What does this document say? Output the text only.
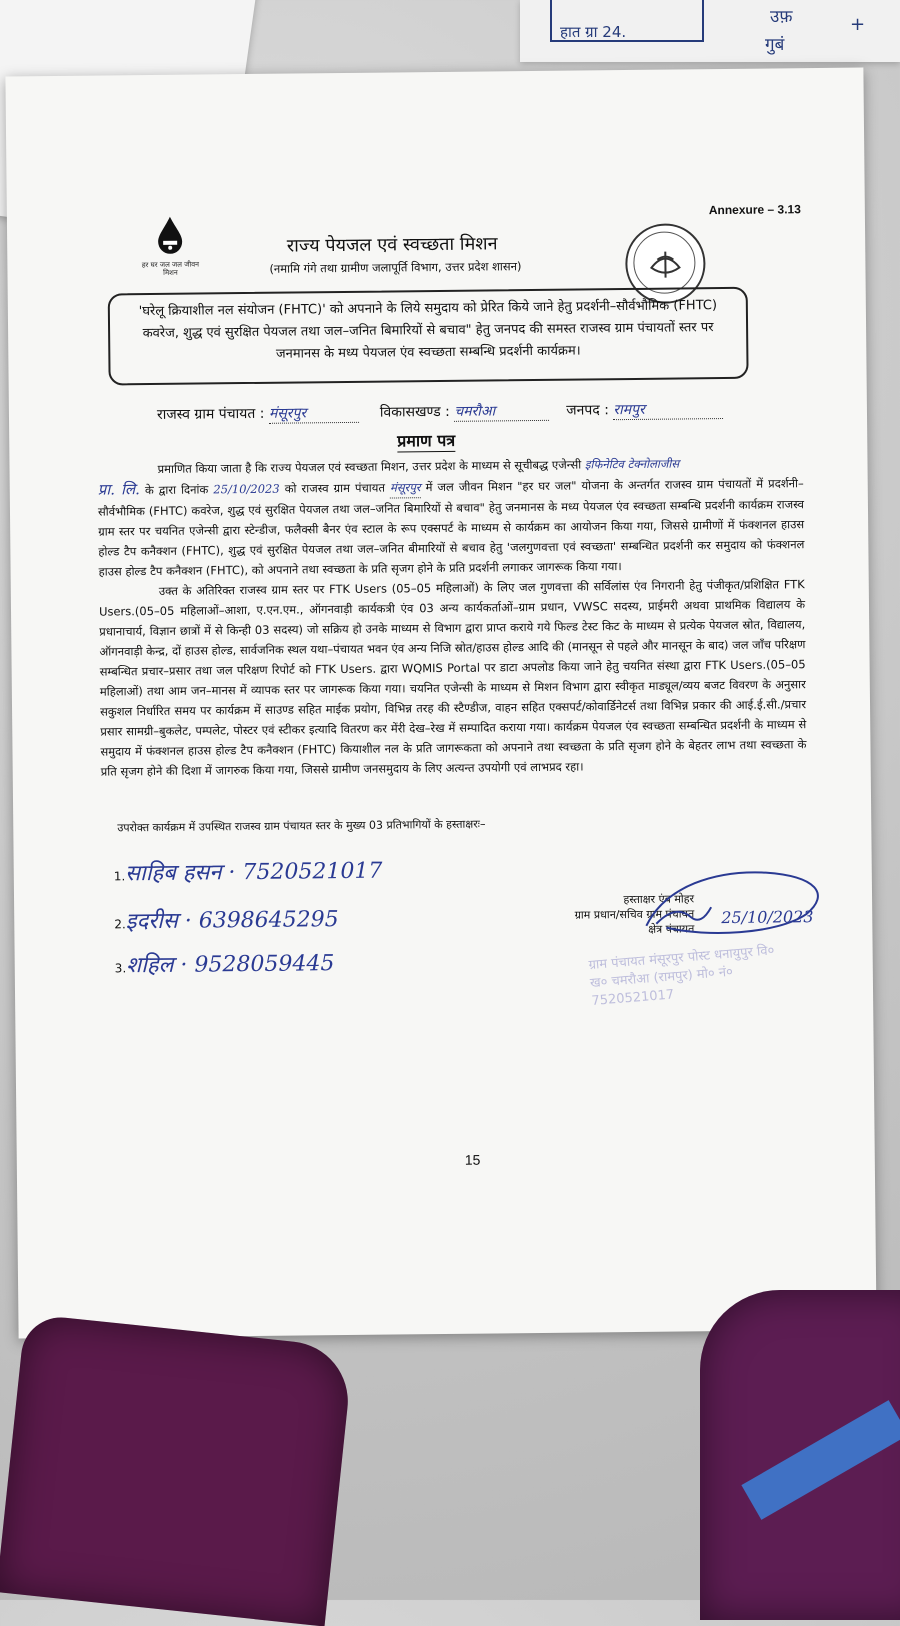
हात ग्रा 24.
उफ़
गुबं
+
Annexure – 3.13
हर घर जल जल जीवन मिशन
राज्य पेयजल एवं स्वच्छता मिशन
(नमामि गंगे तथा ग्रामीण जलापूर्ति विभाग, उत्तर प्रदेश शासन)
'घरेलू क्रियाशील नल संयोजन (FHTC)' को अपनाने के लिये समुदाय को प्रेरित किये जाने हेतु प्रदर्शनी–सौर्वभौमिक (FHTC) कवरेज, शुद्ध एवं सुरक्षित पेयजल तथा जल–जनित बिमारियों से बचाव" हेतु जनपद की समस्त राजस्व ग्राम पंचायतों स्तर पर जनमानस के मध्य पेयजल एंव स्वच्छता सम्बन्धि प्रदर्शनी कार्यक्रम।
राजस्व ग्राम पंचायत : मंसूरपुर	विकासखण्ड : चमरौआ	जनपद : रामपुर
प्रमाण पत्र

प्रमाणित किया जाता है कि राज्य पेयजल एवं स्वच्छता मिशन, उत्तर प्रदेश के माध्यम से सूचीबद्ध एजेन्सी इफिनेटिव टेक्नोलाजीस
प्रा. लि. के द्वारा दिनांक 25/10/2023 को राजस्व ग्राम पंचायत मंसूरपुर में जल जीवन मिशन "हर घर जल" योजना के अन्तर्गत राजस्व ग्राम पंचायतों में प्रदर्शनी–सौर्वभौमिक (FHTC) कवरेज, शुद्ध एवं सुरक्षित पेयजल तथा जल–जनित बिमारियों से बचाव" हेतु जनमानस के मध्य पेयजल एंव स्वच्छता सम्बन्धि प्रदर्शनी कार्यक्रम राजस्व ग्राम स्तर पर चयनित एजेन्सी द्वारा स्टेन्डीज, फलैक्सी बैनर एंव स्टाल के रूप एक्सपर्ट के माध्यम से कार्यक्रम का आयोजन किया गया, जिससे ग्रामीणों में फंक्शनल हाउस होल्ड टैप कनैक्शन (FHTC), शुद्ध एवं सुरक्षित पेयजल तथा जल–जनित बीमारियों से बचाव हेतु 'जलगुणवत्ता एवं स्वच्छता' सम्बन्धित प्रदर्शनी कर समुदाय को फंक्शनल हाउस होल्ड टैप कनैक्शन (FHTC), को अपनाने तथा स्वच्छता के प्रति सृजग होने के प्रति प्रदर्शनी लगाकर जागरूक किया गया।

उक्त के अतिरिक्त राजस्व ग्राम स्तर पर FTK Users (05–05 महिलाओं) के लिए जल गुणवत्ता की सर्विलांस एंव निगरानी हेतु पंजीकृत/प्रशिक्षित FTK Users.(05–05 महिलाओं–आशा, ए.एन.एम., ऑगनवाड़ी कार्यकत्री एंव 03 अन्य कार्यकर्ताओं–ग्राम प्रधान, VWSC सदस्य, प्राईमरी अथवा प्राथमिक विद्यालय के प्रधानाचार्य, विज्ञान छात्रों में से किन्ही 03 सदस्य) जो सक्रिय हो उनके माध्यम से विभाग द्वारा प्राप्त कराये गये फिल्ड टेस्ट किट के माध्यम से प्रत्येक पेयजल स्रोत, विद्यालय, ऑगनवाड़ी केन्द्र, दों हाउस होल्ड, सार्वजनिक स्थल यथा–पंचायत भवन एंव अन्य निजि स्रोत/हाउस होल्ड आदि की (मानसून से पहले और मानसून के बाद) जल जाँच परिक्षण सम्बन्धित प्रचार–प्रसार तथा जल परिक्षण रिपोर्ट को FTK Users. द्वारा WQMIS Portal पर डाटा अपलोड किया जाने हेतु चयनित संस्था द्वारा FTK Users.(05–05 महिलाओं) तथा आम जन–मानस में व्यापक स्तर पर जागरूक किया गया। चयनित एजेन्सी के माध्यम से मिशन विभाग द्वारा स्वीकृत माड्यूल/व्यय बजट विवरण के अनुसार सकुशल निर्धारित समय पर कार्यक्रम में साउण्ड सहित माईक प्रयोग, विभिन्न तरह की स्टैण्डीज, वाहन सहित एक्सपर्ट/कोवार्डिनेटर्स तथा विभिन्न प्रकार की आई.ई.सी./प्रचार प्रसार सामग्री–बुकलेट, पम्पलेट, पोस्टर एवं स्टीकर इत्यादि वितरण कर मेंरी देख–रेख में सम्पादित कराया गया। कार्यक्रम पेयजल एंव स्वच्छता सम्बन्धित प्रदर्शनी के माध्यम से समुदाय में फंक्शनल हाउस होल्ड टैप कनैक्शन (FHTC) कियाशील नल के प्रति जागरूकता को अपनाने तथा स्वच्छता के प्रति सृजग होने के बेहतर लाभ तथा स्वच्छता के प्रति सृजग होने की दिशा में जागरुक किया गया, जिससे ग्रामीण जनसमुदाय के लिए अत्यन्त उपयोगी एवं लाभप्रद रहा।

उपरोक्त कार्यक्रम में उपस्थित राजस्व ग्राम पंचायत स्तर के मुख्य 03 प्रतिभागियों के हस्ताक्षरः–
1.साहिब हसन · 7520521017
2.इदरीस · 6398645295
3.शहिल · 9528059445
हस्ताक्षर एंव मोहर
ग्राम प्रधान/सचिव ग्राम पंचायत
क्षेत्र पंचायत
25/10/2023
ग्राम पंचायत मंसूरपुर पोस्ट धनायुपुर वि० ख० चमरौआ (रामपुर) मो० नं० 7520521017
15
